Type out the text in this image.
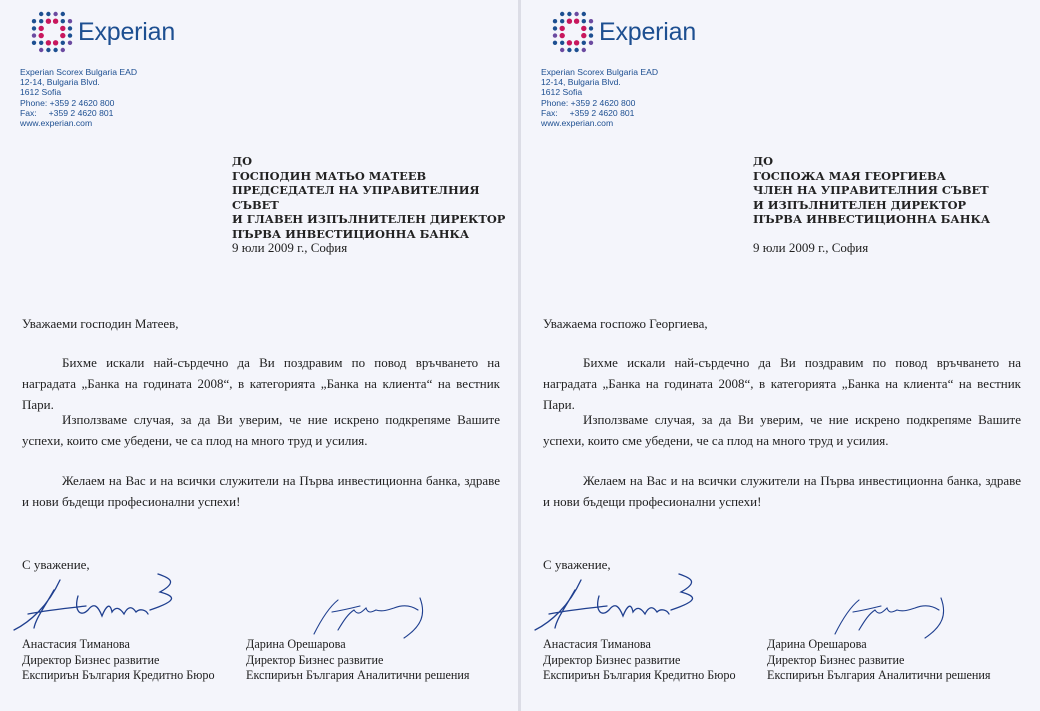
Experian
Experian Scorex Bulgaria EAD
12-14, Bulgaria Blvd.
1612 Sofia
Phone: +359 2 4620 800
Fax:     +359 2 4620 801
www.experian.com
ДО
ГОСПОДИН МАТЬО МАТЕЕВ
ПРЕДСЕДАТЕЛ НА УПРАВИТЕЛНИЯ СЪВЕТ
И ГЛАВЕН ИЗПЪЛНИТЕЛЕН ДИРЕКТОР
ПЪРВА ИНВЕСТИЦИОННА БАНКА
9 юли 2009 г., София
Уважаеми господин Матеев,
Бихме искали най-сърдечно да Ви поздравим по повод връчването на наградата „Банка на годината 2008“, в категорията „Банка на клиента“ на вестник Пари.
Използваме случая, за да Ви уверим, че ние искрено подкрепяме Вашите успехи, които сме убедени, че са плод на много труд и усилия.
Желаем на Вас и на всички служители на Първа инвестиционна банка, здраве и нови бъдещи професионални успехи!
С уважение,
Анастасия Тиманова
Директор Бизнес развитие
Експириън България Кредитно Бюро
Дарина Орешарова
Директор Бизнес развитие
Експириън България Аналитични решения
Experian
Experian Scorex Bulgaria EAD
12-14, Bulgaria Blvd.
1612 Sofia
Phone: +359 2 4620 800
Fax:     +359 2 4620 801
www.experian.com
ДО
ГОСПОЖА МАЯ ГЕОРГИЕВА
ЧЛЕН НА УПРАВИТЕЛНИЯ СЪВЕТ
И ИЗПЪЛНИТЕЛЕН ДИРЕКТОР
ПЪРВА ИНВЕСТИЦИОННА БАНКА
9 юли 2009 г., София
Уважаема госпожо Георгиева,
Бихме искали най-сърдечно да Ви поздравим по повод връчването на наградата „Банка на годината 2008“, в категорията „Банка на клиента“ на вестник Пари.
Използваме случая, за да Ви уверим, че ние искрено подкрепяме Вашите успехи, които сме убедени, че са плод на много труд и усилия.
Желаем на Вас и на всички служители на Първа инвестиционна банка, здраве и нови бъдещи професионални успехи!
С уважение,
Анастасия Тиманова
Директор Бизнес развитие
Експириън България Кредитно Бюро
Дарина Орешарова
Директор Бизнес развитие
Експириън България Аналитични решения
